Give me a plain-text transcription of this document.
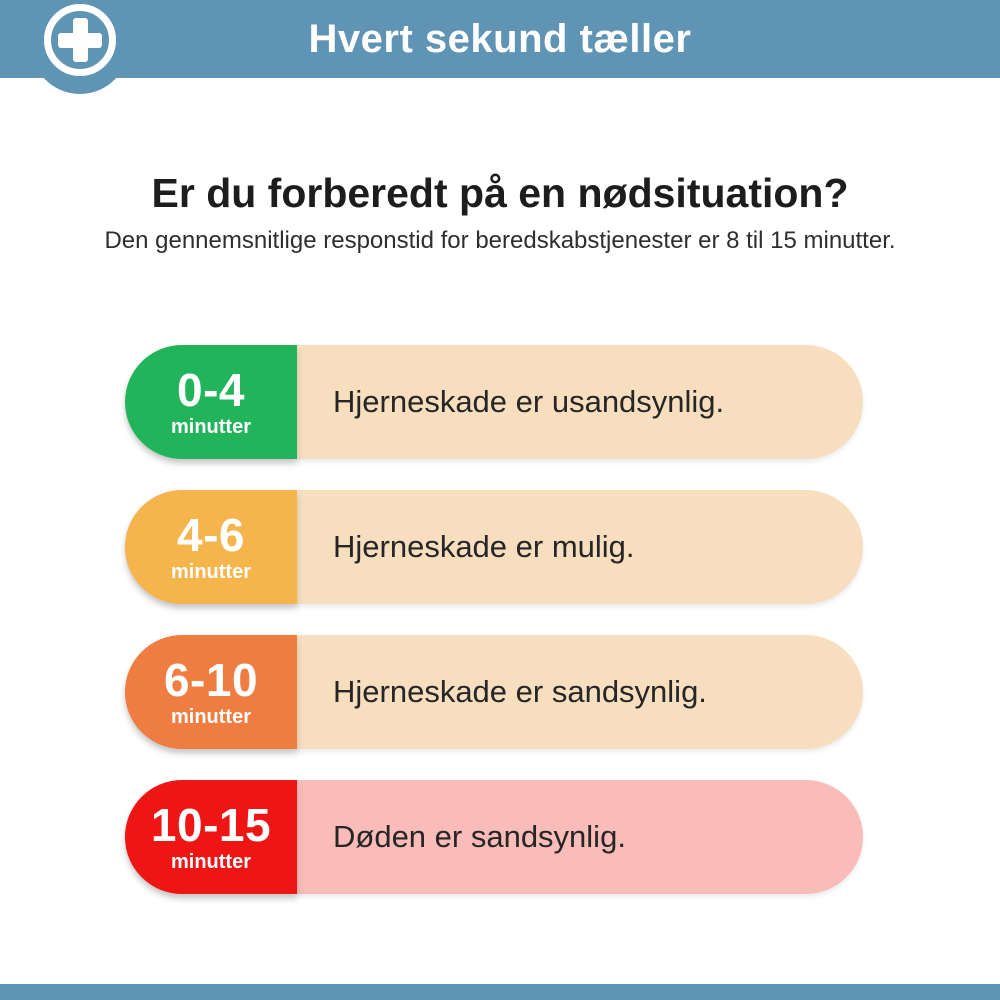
Hvert sekund tæller
Er du forberedt på en nødsituation?

Den gennemsnitlige responstid for beredskabstjenester er 8 til 15 minutter.

0-4
minutter
Hjerneskade er usandsynlig.
4-6
minutter
Hjerneskade er mulig.
6-10
minutter
Hjerneskade er sandsynlig.
10-15
minutter
Døden er sandsynlig.
